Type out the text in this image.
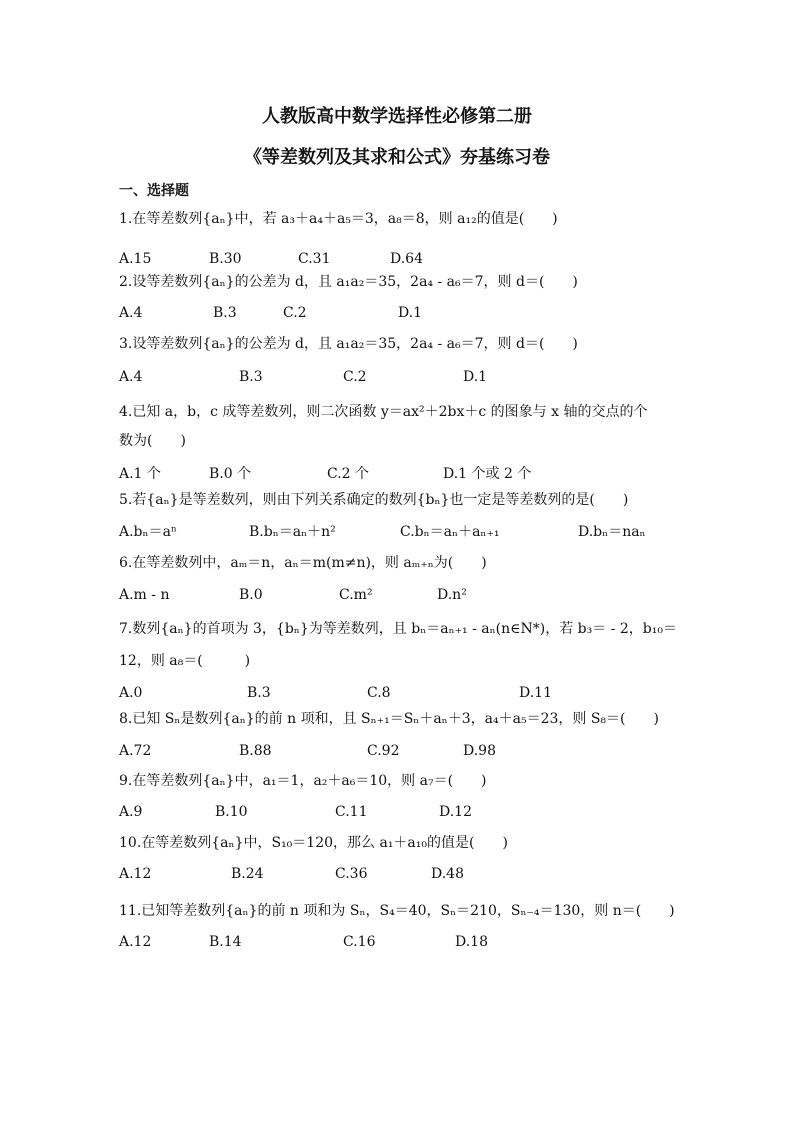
人教版高中数学选择性必修第二册
《等差数列及其求和公式》夯基练习卷
一、选择题
1.在等差数列{aₙ}中，若 a₃＋a₄＋a₅＝3，a₈＝8，则 a₁₂的值是(　　)
A.15	B.30	C.31	D.64
2.设等差数列{aₙ}的公差为 d，且 a₁a₂＝35，2a₄ - a₆＝7，则 d＝(　　)
A.4	B.3	C.2	D.1
3.设等差数列{aₙ}的公差为 d，且 a₁a₂＝35，2a₄ - a₆＝7，则 d＝(　　)
A.4	B.3	C.2	D.1
4.已知 a，b，c 成等差数列，则二次函数 y＝ax²＋2bx＋c 的图象与 x 轴的交点的个
数为(　　)
A.1 个	B.0 个	C.2 个	D.1 个或 2 个
5.若{aₙ}是等差数列，则由下列关系确定的数列{bₙ}也一定是等差数列的是(　　)
A.bₙ＝aⁿ	B.bₙ＝aₙ＋n²	C.bₙ＝aₙ＋aₙ₊₁	D.bₙ＝naₙ
6.在等差数列中，aₘ＝n，aₙ＝m(m≠n)，则 aₘ₊ₙ为(　　)
A.m - n	B.0	C.m²	D.n²
7.数列{aₙ}的首项为 3，{bₙ}为等差数列，且 bₙ＝aₙ₊₁ - aₙ(n∈N*)，若 b₃＝ - 2，b₁₀＝
12，则 a₈＝(　　　)
A.0	B.3	C.8	D.11
8.已知 Sₙ是数列{aₙ}的前 n 项和，且 Sₙ₊₁＝Sₙ＋aₙ＋3，a₄＋a₅＝23，则 S₈＝(　　)
A.72	B.88	C.92	D.98
9.在等差数列{aₙ}中，a₁＝1，a₂＋a₆＝10，则 a₇＝(　　)
A.9	B.10	C.11	D.12
10.在等差数列{aₙ}中，S₁₀＝120，那么 a₁＋a₁₀的值是(　　)
A.12	B.24	C.36	D.48
11.已知等差数列{aₙ}的前 n 项和为 Sₙ，S₄＝40，Sₙ＝210，Sₙ₋₄＝130，则 n＝(　　)
A.12	B.14	C.16	D.18
